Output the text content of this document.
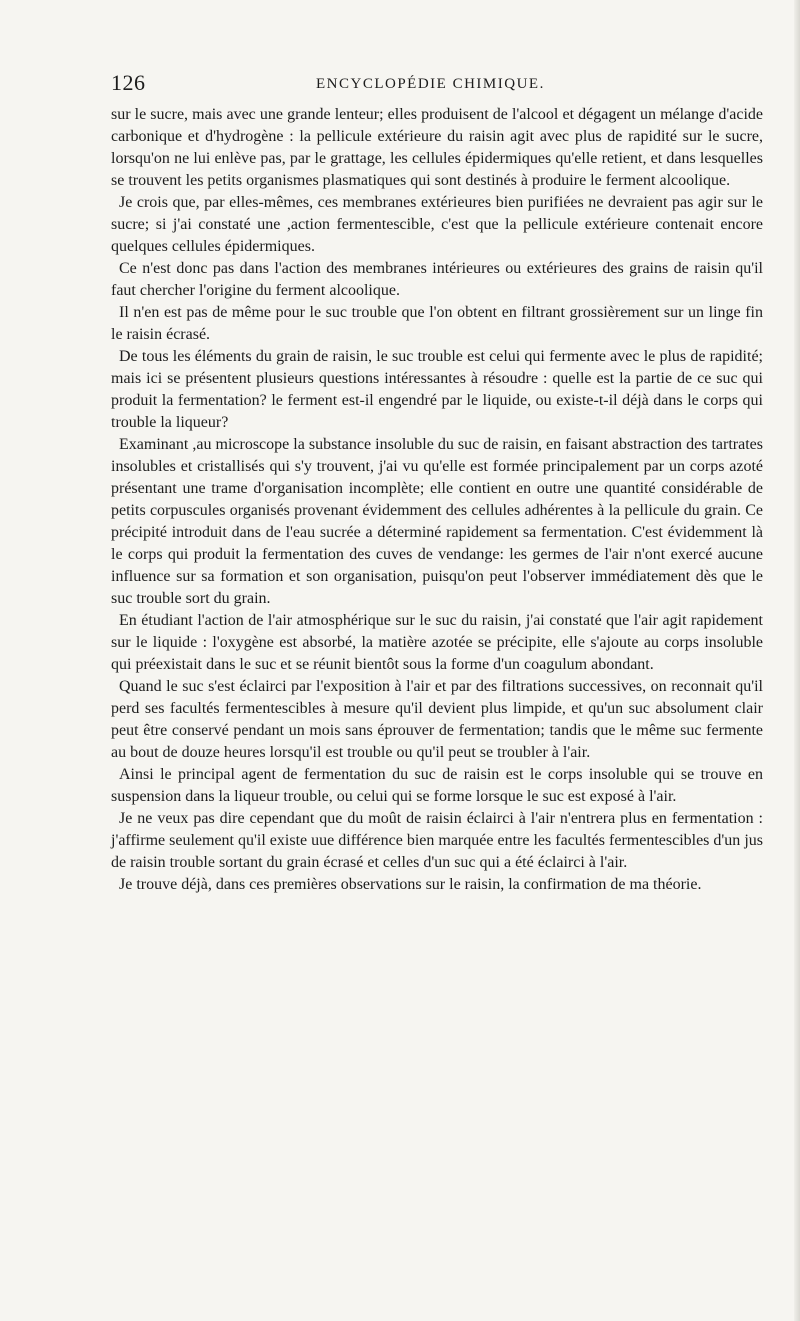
126	ENCYCLOPÉDIE CHIMIQUE.

sur le sucre, mais avec une grande lenteur; elles produisent de l'alcool et dégagent un mélange d'acide carbonique et d'hydrogène : la pellicule extérieure du raisin agit avec plus de rapidité sur le sucre, lorsqu'on ne lui enlève pas, par le grattage, les cellules épidermiques qu'elle retient, et dans lesquelles se trouvent les petits organismes plasmatiques qui sont destinés à produire le ferment alcoolique.

Je crois que, par elles-mêmes, ces membranes extérieures bien purifiées ne devraient pas agir sur le sucre; si j'ai constaté une ,action fermentescible, c'est que la pellicule extérieure contenait encore quelques cellules épidermiques.

Ce n'est donc pas dans l'action des membranes intérieures ou extérieures des grains de raisin qu'il faut chercher l'origine du ferment alcoolique.

Il n'en est pas de même pour le suc trouble que l'on obtent en filtrant grossièrement sur un linge fin le raisin écrasé.

De tous les éléments du grain de raisin, le suc trouble est celui qui fermente avec le plus de rapidité; mais ici se présentent plusieurs questions intéressantes à résoudre : quelle est la partie de ce suc qui produit la fermentation? le ferment est-il engendré par le liquide, ou existe-t-il déjà dans le corps qui trouble la liqueur?

Examinant ,au microscope la substance insoluble du suc de raisin, en faisant abstraction des tartrates insolubles et cristallisés qui s'y trouvent, j'ai vu qu'elle est formée principalement par un corps azoté présentant une trame d'organisation incomplète; elle contient en outre une quantité considérable de petits corpuscules organisés provenant évidemment des cellules adhérentes à la pellicule du grain. Ce précipité introduit dans de l'eau sucrée a déterminé rapidement sa fermentation. C'est évidemment là le corps qui produit la fermentation des cuves de vendange: les germes de l'air n'ont exercé aucune influence sur sa formation et son organisation, puisqu'on peut l'observer immédiatement dès que le suc trouble sort du grain.

En étudiant l'action de l'air atmosphérique sur le suc du raisin, j'ai constaté que l'air agit rapidement sur le liquide : l'oxygène est absorbé, la matière azotée se précipite, elle s'ajoute au corps insoluble qui préexistait dans le suc et se réunit bientôt sous la forme d'un coagulum abondant.

Quand le suc s'est éclairci par l'exposition à l'air et par des filtrations successives, on reconnait qu'il perd ses facultés fermentescibles à mesure qu'il devient plus limpide, et qu'un suc absolument clair peut être conservé pendant un mois sans éprouver de fermentation; tandis que le même suc fermente au bout de douze heures lorsqu'il est trouble ou qu'il peut se troubler à l'air.

Ainsi le principal agent de fermentation du suc de raisin est le corps insoluble qui se trouve en suspension dans la liqueur trouble, ou celui qui se forme lorsque le suc est exposé à l'air.

Je ne veux pas dire cependant que du moût de raisin éclairci à l'air n'entrera plus en fermentation : j'affirme seulement qu'il existe uue différence bien marquée entre les facultés fermentescibles d'un jus de raisin trouble sortant du grain écrasé et celles d'un suc qui a été éclairci à l'air.

Je trouve déjà, dans ces premières observations sur le raisin, la confirmation de ma théorie.
